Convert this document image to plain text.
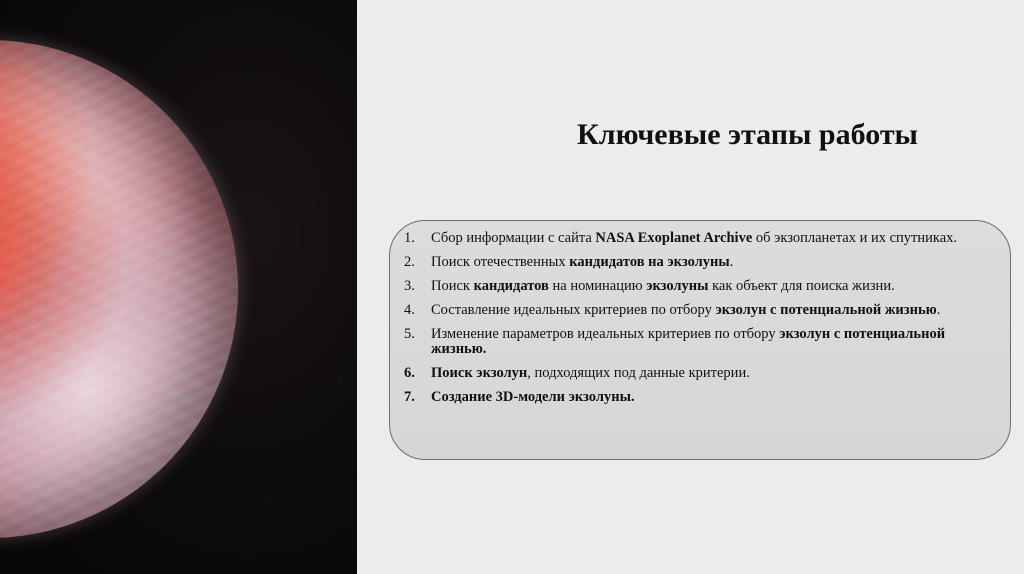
Ключевые этапы работы
1.	Сбор информации с сайта NASA Exoplanet Archive об экзопланетах и их спутниках.
2.	Поиск отечественных кандидатов на экзолуны.
3.	Поиск кандидатов на номинацию экзолуны как объект для поиска жизни.
4.	Составление идеальных критериев по отбору экзолун с потенциальной жизнью.
5.	Изменение параметров идеальных критериев по отбору экзолун с потенциальной жизнью.
6.	Поиск экзолун, подходящих под данные критерии.
7.	Создание 3D-модели экзолуны.
